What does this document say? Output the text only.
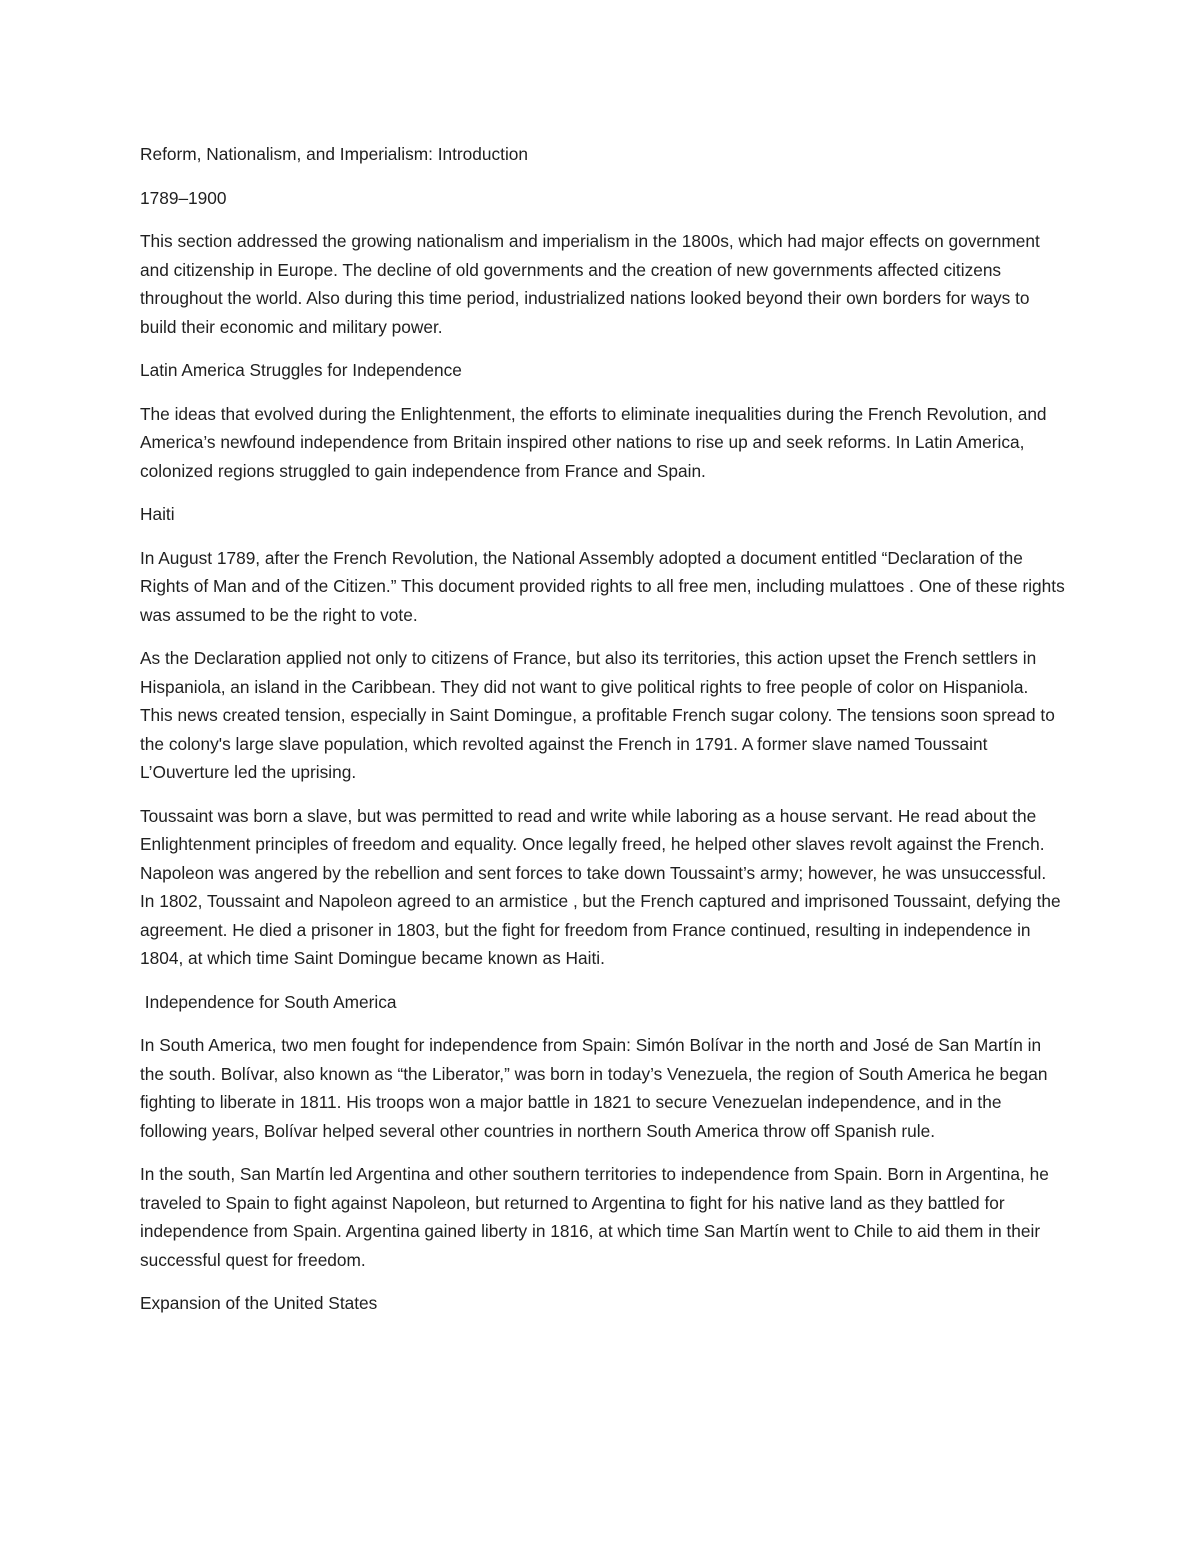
Reform, Nationalism, and Imperialism: Introduction

1789–1900

This section addressed the growing nationalism and imperialism in the 1800s, which had major effects on government and citizenship in Europe. The decline of old governments and the creation of new governments affected citizens throughout the world. Also during this time period, industrialized nations looked beyond their own borders for ways to build their economic and military power.

Latin America Struggles for Independence

The ideas that evolved during the Enlightenment, the efforts to eliminate inequalities during the French Revolution, and America’s newfound independence from Britain inspired other nations to rise up and seek reforms. In Latin America, colonized regions struggled to gain independence from France and Spain.

Haiti

In August 1789, after the French Revolution, the National Assembly adopted a document entitled “Declaration of the Rights of Man and of the Citizen.” This document provided rights to all free men, including mulattoes . One of these rights was assumed to be the right to vote.

As the Declaration applied not only to citizens of France, but also its territories, this action upset the French settlers in Hispaniola, an island in the Caribbean. They did not want to give political rights to free people of color on Hispaniola. This news created tension, especially in Saint Domingue, a profitable French sugar colony. The tensions soon spread to the colony's large slave population, which revolted against the French in 1791. A former slave named Toussaint L’Ouverture led the uprising.

Toussaint was born a slave, but was permitted to read and write while laboring as a house servant. He read about the Enlightenment principles of freedom and equality. Once legally freed, he helped other slaves revolt against the French. Napoleon was angered by the rebellion and sent forces to take down Toussaint’s army; however, he was unsuccessful. In 1802, Toussaint and Napoleon agreed to an armistice , but the French captured and imprisoned Toussaint, defying the agreement. He died a prisoner in 1803, but the fight for freedom from France continued, resulting in independence in 1804, at which time Saint Domingue became known as Haiti.

Independence for South America

In South America, two men fought for independence from Spain: Simón Bolívar in the north and José de San Martín in the south. Bolívar, also known as “the Liberator,” was born in today’s Venezuela, the region of South America he began fighting to liberate in 1811. His troops won a major battle in 1821 to secure Venezuelan independence, and in the following years, Bolívar helped several other countries in northern South America throw off Spanish rule.

In the south, San Martín led Argentina and other southern territories to independence from Spain. Born in Argentina, he traveled to Spain to fight against Napoleon, but returned to Argentina to fight for his native land as they battled for independence from Spain. Argentina gained liberty in 1816, at which time San Martín went to Chile to aid them in their successful quest for freedom.

Expansion of the United States
